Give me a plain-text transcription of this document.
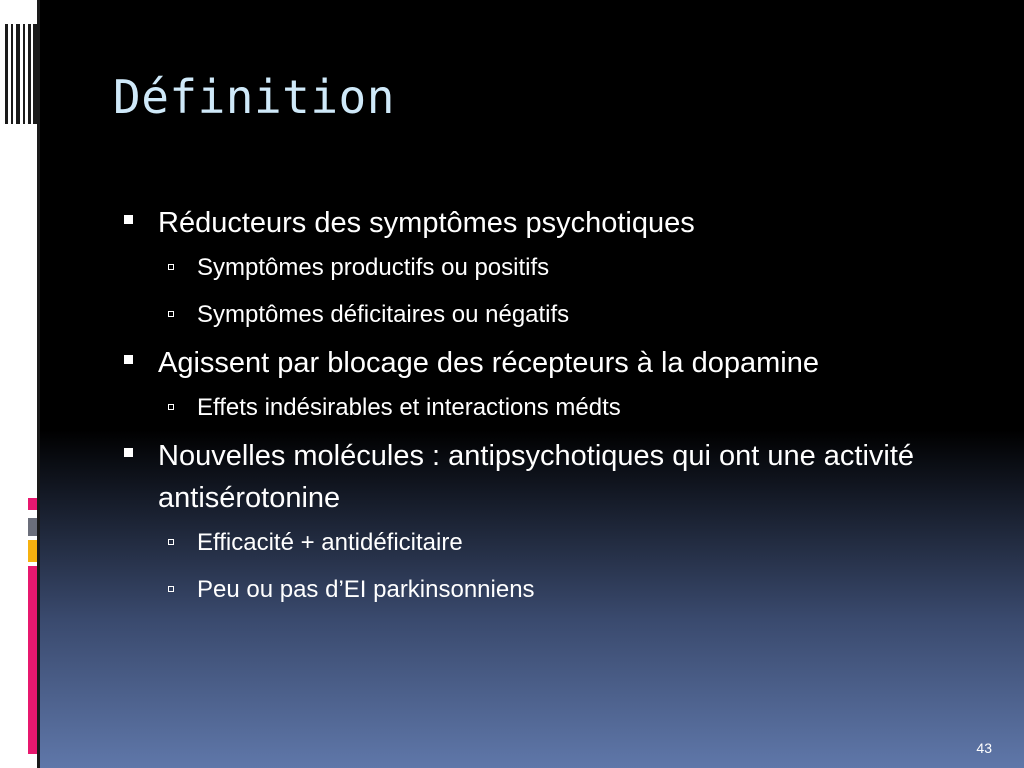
Définition
Réducteurs des symptômes psychotiques
Symptômes productifs ou positifs
Symptômes déficitaires ou négatifs
Agissent par blocage des récepteurs à la dopamine
Effets indésirables et interactions médts
Nouvelles molécules : antipsychotiques qui ont une activité antisérotonine
Efficacité + antidéficitaire
Peu ou pas d’EI parkinsonniens
43
